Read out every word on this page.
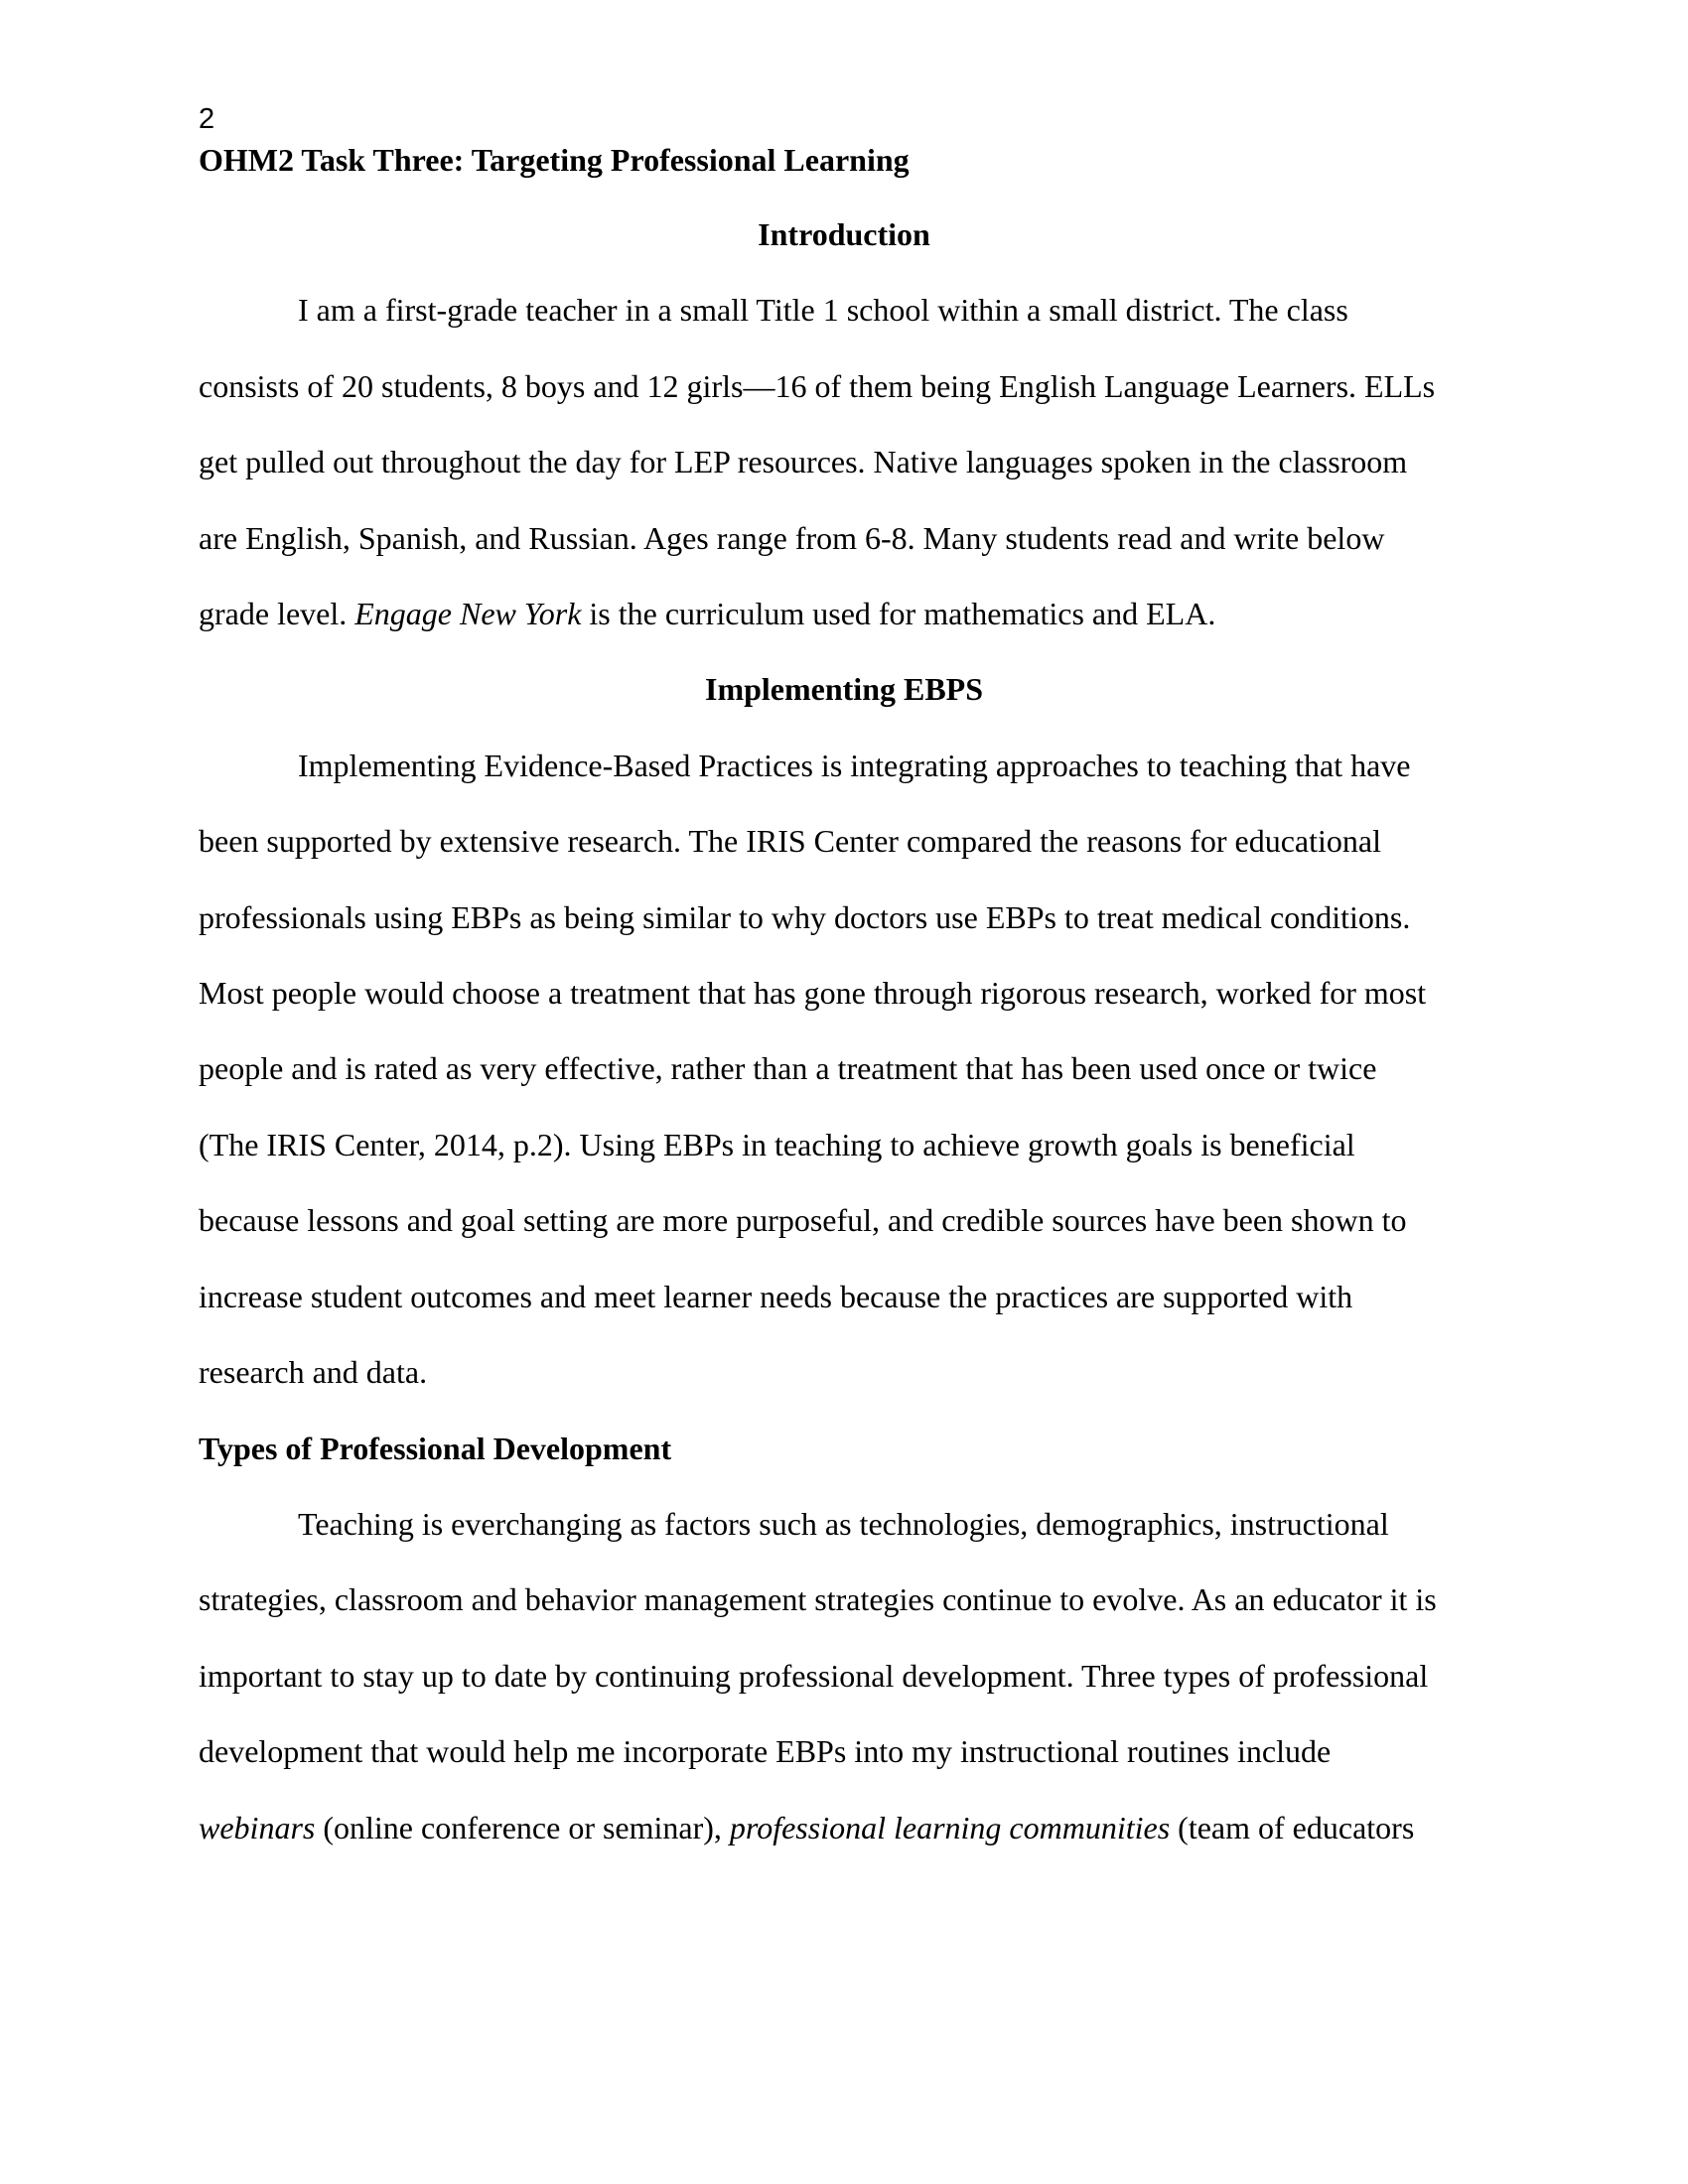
2
OHM2 Task Three: Targeting Professional Learning
Introduction

I am a first-grade teacher in a small Title 1 school within a small district. The class

consists of 20 students, 8 boys and 12 girls—16 of them being English Language Learners. ELLs

get pulled out throughout the day for LEP resources. Native languages spoken in the classroom

are English, Spanish, and Russian. Ages range from 6-8. Many students read and write below

grade level. Engage New York is the curriculum used for mathematics and ELA.

Implementing EBPS

Implementing Evidence-Based Practices is integrating approaches to teaching that have

been supported by extensive research. The IRIS Center compared the reasons for educational

professionals using EBPs as being similar to why doctors use EBPs to treat medical conditions.

Most people would choose a treatment that has gone through rigorous research, worked for most

people and is rated as very effective, rather than a treatment that has been used once or twice

(The IRIS Center, 2014, p.2). Using EBPs in teaching to achieve growth goals is beneficial

because lessons and goal setting are more purposeful, and credible sources have been shown to

increase student outcomes and meet learner needs because the practices are supported with

research and data.

Types of Professional Development

Teaching is everchanging as factors such as technologies, demographics, instructional

strategies, classroom and behavior management strategies continue to evolve. As an educator it is

important to stay up to date by continuing professional development. Three types of professional

development that would help me incorporate EBPs into my instructional routines include

webinars (online conference or seminar), professional learning communities (team of educators
